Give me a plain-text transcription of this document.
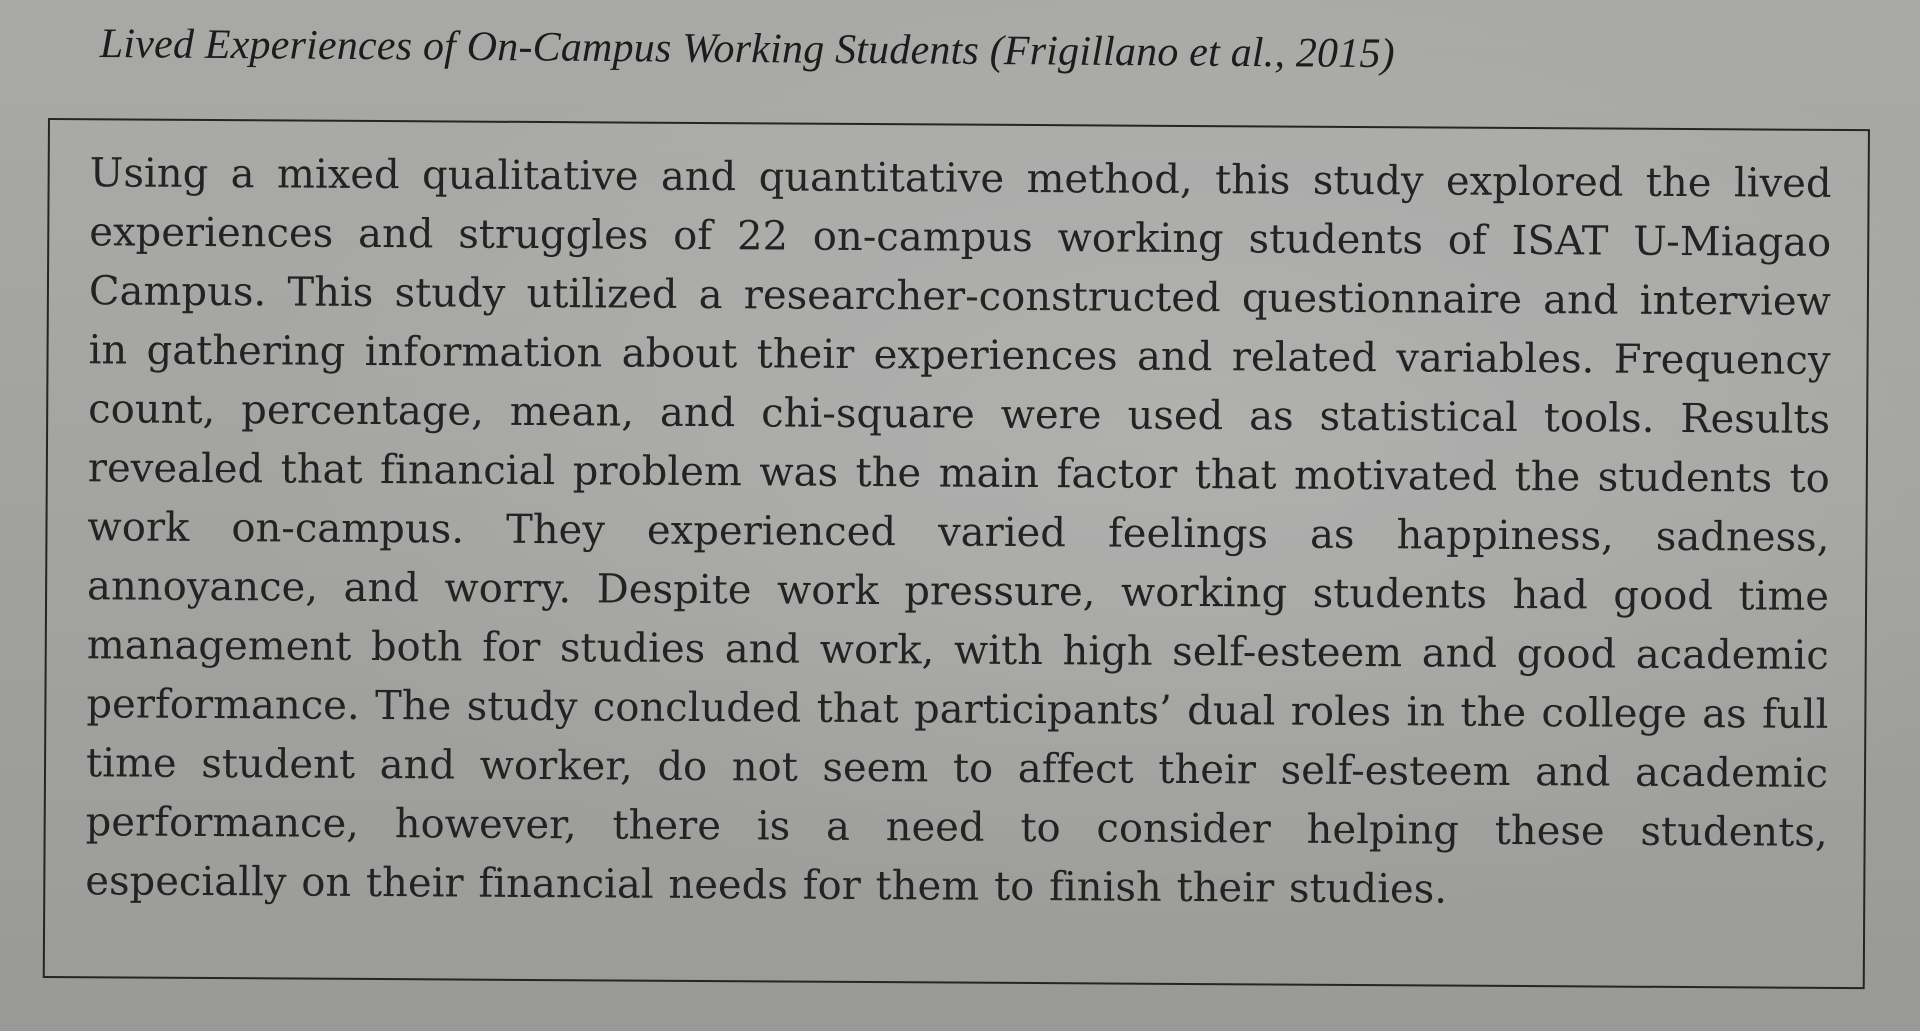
Lived Experiences of On-Campus Working Students (Frigillano et al., 2015)

Using a mixed qualitative and quantitative method, this study explored the lived experiences and struggles of 22 on-campus working students of ISAT U-Miagao Campus. This study utilized a researcher-constructed questionnaire and interview in gathering information about their experiences and related variables. Frequency count, percentage, mean, and chi-square were used as statistical tools. Results revealed that financial problem was the main factor that motivated the students to work on-campus. They experienced varied feelings as happiness, sadness, annoyance, and worry. Despite work pressure, working students had good time management both for studies and work, with high self-esteem and good academic performance. The study concluded that participants’ dual roles in the college as full time student and worker, do not seem to affect their self-esteem and academic performance, however, there is a need to consider helping these students, especially on their financial needs for them to finish their studies.
